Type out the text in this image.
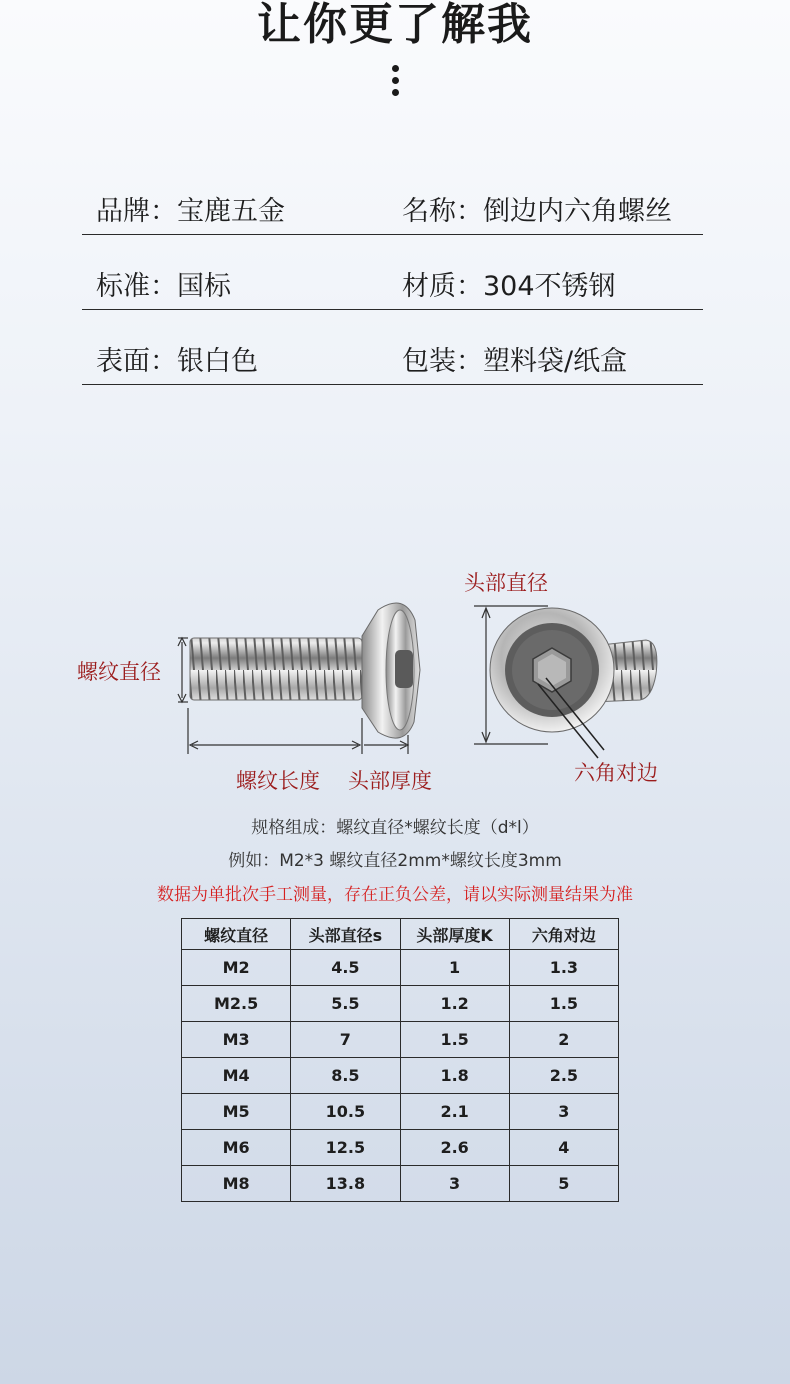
让你更了解我
品牌：宝鹿五金	名称：倒边内六角螺丝
标准：国标	材质：304不锈钢
表面：银白色	包装：塑料袋/纸盒
螺纹直径
螺纹长度 头部厚度
头部直径
六角对边
规格组成：螺纹直径*螺纹长度（d*l）
例如：M2*3 螺纹直径2mm*螺纹长度3mm
数据为单批次手工测量，存在正负公差，请以实际测量结果为准
螺纹直径	头部直径s	头部厚度K	六角对边
M2	4.5	1	1.3
M2.5	5.5	1.2	1.5
M3	7	1.5	2
M4	8.5	1.8	2.5
M5	10.5	2.1	3
M6	12.5	2.6	4
M8	13.8	3	5
